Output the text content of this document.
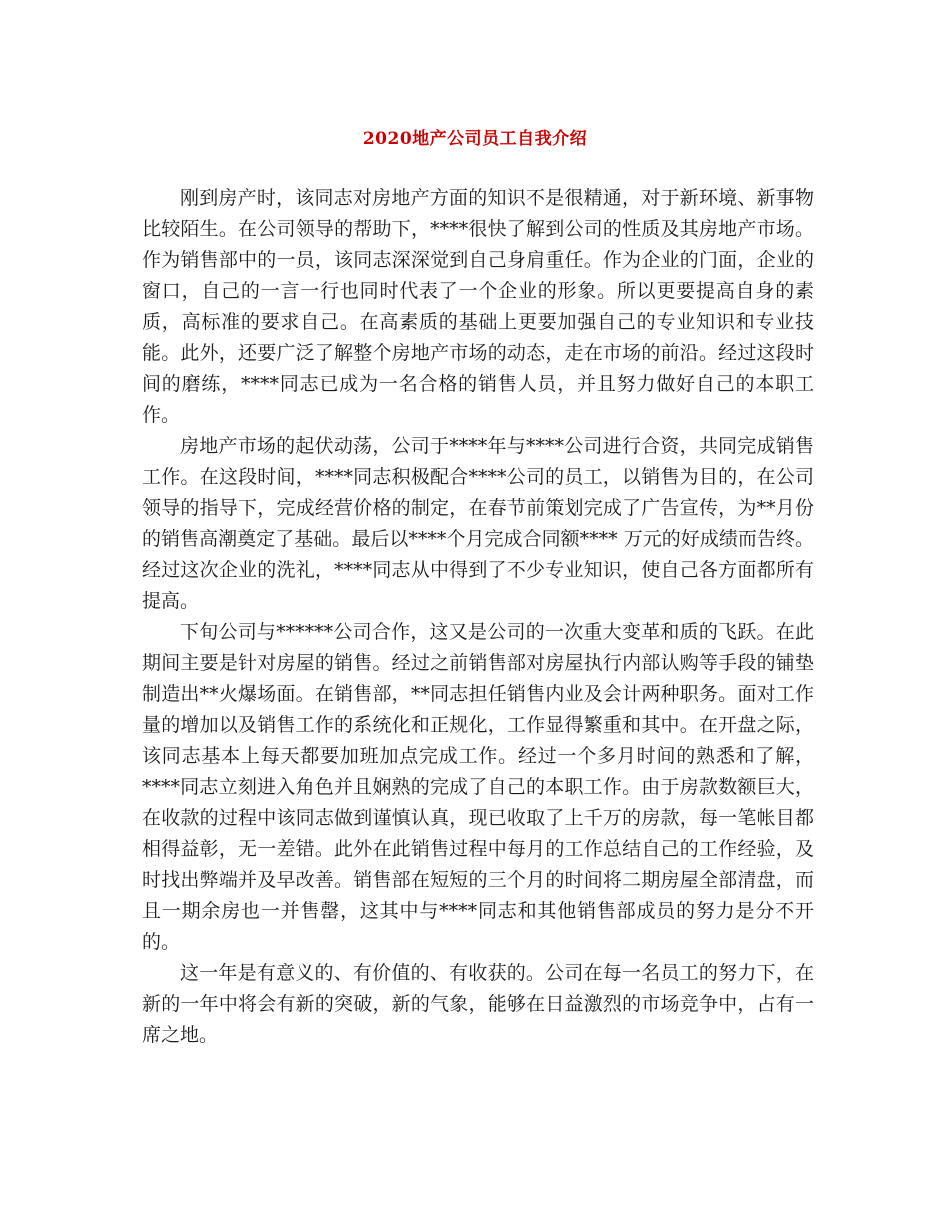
2020地产公司员工自我介绍

刚到房产时，该同志对房地产方面的知识不是很精通，对于新环境、新事物比较陌生。在公司领导的帮助下，****很快了解到公司的性质及其房地产市场。作为销售部中的一员，该同志深深觉到自己身肩重任。作为企业的门面，企业的窗口，自己的一言一行也同时代表了一个企业的形象。所以更要提高自身的素质，高标准的要求自己。在高素质的基础上更要加强自己的专业知识和专业技能。此外，还要广泛了解整个房地产市场的动态，走在市场的前沿。经过这段时间的磨练，****同志已成为一名合格的销售人员，并且努力做好自己的本职工作。

房地产市场的起伏动荡，公司于****年与****公司进行合资，共同完成销售工作。在这段时间，****同志积极配合****公司的员工，以销售为目的，在公司领导的指导下，完成经营价格的制定，在春节前策划完成了广告宣传，为**月份的销售高潮奠定了基础。最后以****个月完成合同额**** 万元的好成绩而告终。经过这次企业的洗礼，****同志从中得到了不少专业知识，使自己各方面都所有提高。

下旬公司与******公司合作，这又是公司的一次重大变革和质的飞跃。在此期间主要是针对房屋的销售。经过之前销售部对房屋执行内部认购等手段的铺垫制造出**火爆场面。在销售部，**同志担任销售内业及会计两种职务。面对工作量的增加以及销售工作的系统化和正规化，工作显得繁重和其中。在开盘之际，该同志基本上每天都要加班加点完成工作。经过一个多月时间的熟悉和了解，****同志立刻进入角色并且娴熟的完成了自己的本职工作。由于房款数额巨大，在收款的过程中该同志做到谨慎认真，现已收取了上千万的房款，每一笔帐目都相得益彰，无一差错。此外在此销售过程中每月的工作总结自己的工作经验，及时找出弊端并及早改善。销售部在短短的三个月的时间将二期房屋全部清盘，而且一期余房也一并售罄，这其中与****同志和其他销售部成员的努力是分不开的。

这一年是有意义的、有价值的、有收获的。公司在每一名员工的努力下，在新的一年中将会有新的突破，新的气象，能够在日益激烈的市场竞争中，占有一席之地。
